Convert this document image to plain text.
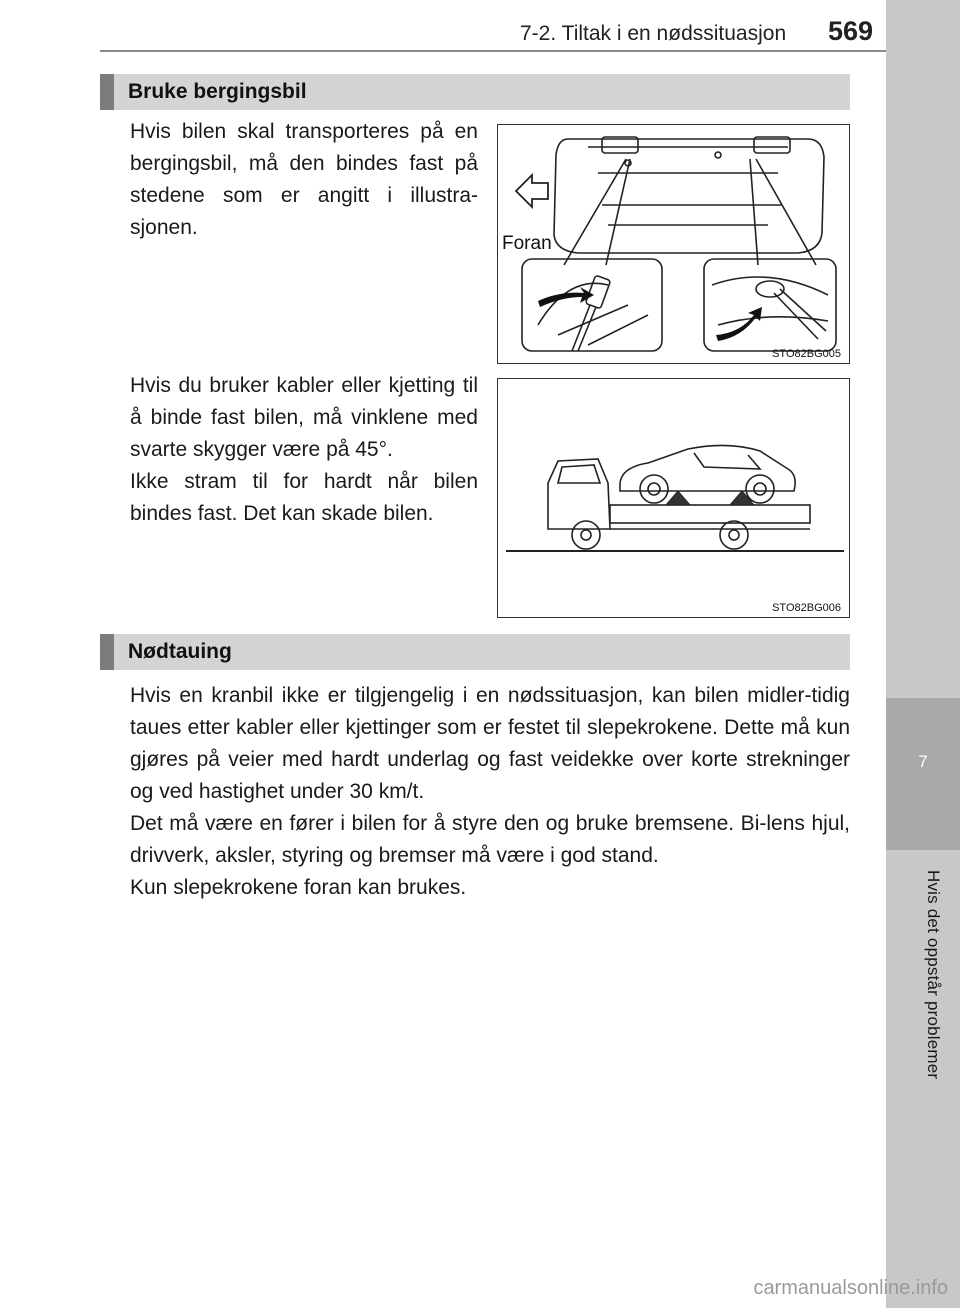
7-2. Tiltak i en nødssituasjon 569
7
Hvis det oppstår problemer
Bruke bergingsbil

Hvis bilen skal transporteres på en bergingsbil, må den bindes fast på stedene som er angitt i illustra-sjonen.

Hvis du bruker kabler eller kjetting til å binde fast bilen, må vinklene med svarte skygger være på 45°.

Ikke stram til for hardt når bilen bindes fast. Det kan skade bilen.

Foran
STO82BG005
STO82BG006
Nødtauing

Hvis en kranbil ikke er tilgjengelig i en nødssituasjon, kan bilen midler-tidig taues etter kabler eller kjettinger som er festet til slepekrokene. Dette må kun gjøres på veier med hardt underlag og fast veidekke over korte strekninger og ved hastighet under 30 km/t.

Det må være en fører i bilen for å styre den og bruke bremsene. Bi-lens hjul, drivverk, aksler, styring og bremser må være i god stand.

Kun slepekrokene foran kan brukes.

carmanualsonline.info
